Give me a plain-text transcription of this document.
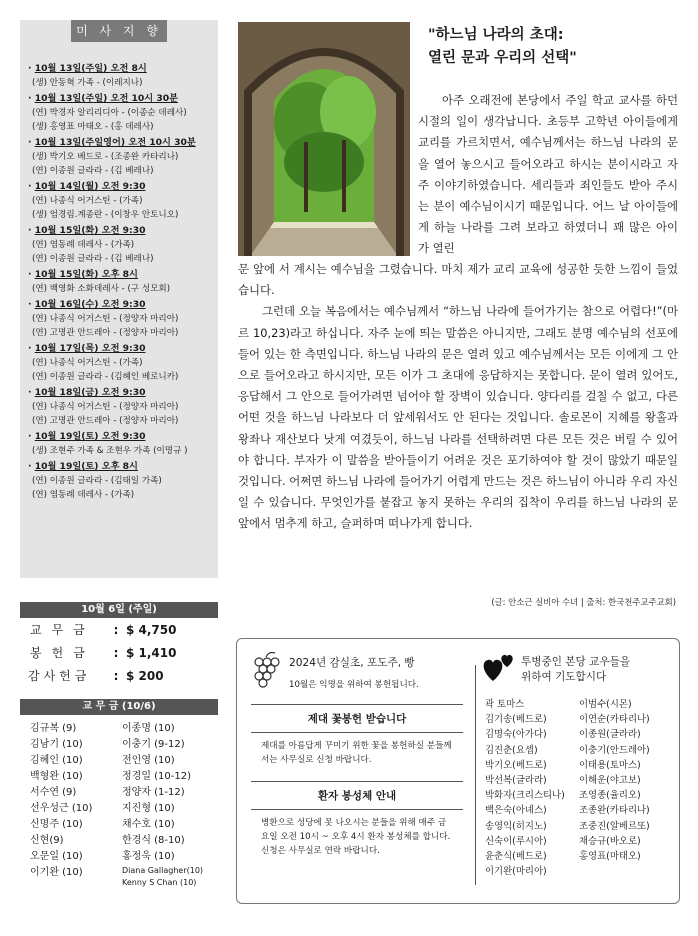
미 사 지 향
· 10월 13일(주일) 오전 8시
(생) 안동혁 가족 - (이레지나)
· 10월 13일(주일) 오전 10시 30분
(연) 박경자 알리리디아 - (이종순 데레사)
(생) 홍영표 마태오 - (홍 데레사)
· 10월 13일(주일영어) 오전 10시 30분
(생) 박기오 베드로 - (조종완 카타리나)
(연) 이종원 글라라 - (김 베레나)
· 10월 14일(월) 오전 9:30
(연) 나종식 어거스틴 - (가족)
(생) 엄경림.계종란 - (이창우 안토니오)
· 10월 15일(화) 오전 9:30
(연) 염동례 데레사 - (가족)
(연) 이종원 글라라 - (김 베레나)
· 10월 15일(화) 오후 8시
(연) 백영화 소화데레사 - (구 성모회)
· 10월 16일(수) 오전 9:30
(연) 나종식 어거스틴 - (정양자 마리아)
(연) 고명관 안드레아 - (정양자 마리아)
· 10월 17일(목) 오전 9:30
(연) 나종식 어거스틴 - (가족)
(연) 이종원 글라라 - (김혜인 베로니카)
· 10월 18일(금) 오전 9:30
(연) 나종식 어거스틴 - (정양자 마리아)
(연) 고명관 안드레아 - (정양자 마리아)
· 10월 19일(토) 오전 9:30
(생) 조현주 가족 & 조현우 가족 (이명규 )
· 10월 19일(토) 오후 8시
(연) 이종원 글라라 - (김태일 가족)
(연) 염동례 데레사 - (가족)
10월 6일 (주일)
교무금	: $ 4,750
봉헌금	: $ 1,410
감사헌금	: $ 200
교 무 금 (10/6)
김규복 (9)
김남기 (10)
김혜인 (10)
백형완 (10)
서수연 (9)
선우성근 (10)
신명주 (10)
신현(9)
오문일 (10)
이기완 (10)
이종명 (10)
이충기 (9-12)
전인영 (10)
정경일 (10-12)
정양자 (1-12)
지진형 (10)
채수호 (10)
한경식 (8-10)
홍정욱 (10)
Diana Gallagher(10)
Kenny S Chan (10)
"하느님 나라의 초대:
열린 문과 우리의 선택"

아주 오래전에 본당에서 주일 학교 교사를 하던 시절의 일이 생각납니다. 초등부 고학년 아이들에게 교리를 가르치면서, 예수님께서는 하느님 나라의 문을 열어 놓으시고 들어오라고 하시는 분이시라고 자주 이야기하였습니다. 세리들과 죄인들도 받아 주시는 분이 예수님이시기 때문입니다. 어느 날 아이들에게 하늘 나라를 그려 보라고 하였더니 꽤 많은 아이가 열린

문 앞에 서 계시는 예수님을 그렸습니다. 마치 제가 교리 교육에 성공한 듯한 느낌이 들었습니다.

그런데 오늘 복음에서는 예수님께서 “하느님 나라에 들어가기는 참으로 어렵다!”(마르 10,23)라고 하십니다. 자주 눈에 띄는 말씀은 아니지만, 그래도 분명 예수님의 선포에 들어 있는 한 측면입니다. 하느님 나라의 문은 열려 있고 예수님께서는 모든 이에게 그 안으로 들어오라고 하시지만, 모든 이가 그 초대에 응답하지는 못합니다. 문이 열려 있어도, 응답해서 그 안으로 들어가려면 넘어야 할 장벽이 있습니다. 양다리를 걸칠 수 없고, 다른 어떤 것을 하느님 나라보다 더 앞세워서도 안 된다는 것입니다. 솔로몬이 지혜를 왕홀과 왕좌나 재산보다 낫게 여겼듯이, 하느님 나라를 선택하려면 다른 모든 것은 버릴 수 있어야 합니다. 부자가 이 말씀을 받아들이기 어려운 것은 포기하여야 할 것이 많았기 때문일 것입니다. 어쩌면 하느님 나라에 들어가기 어렵게 만드는 것은 하느님이 아니라 우리 자신일 수 있습니다. 무엇인가를 붙잡고 놓지 못하는 우리의 집착이 우리를 하느님 나라의 문 앞에서 멈추게 하고, 슬퍼하며 떠나가게 합니다.

(글: 안소근 실비아 수녀 | 출처: 한국천주교주교회)
2024년 감실초, 포도주, 빵
10월은 익명을 위하여 봉헌됩니다.
제대 꽃봉헌 받습니다
제대를 아름답게 꾸미기 위한 꽃을 봉헌하실 분들께서는 사무실로 신청 바랍니다.
환자 봉성체 안내
병환으로 성당에 못 나오시는 분들을 위해 매주 금요일 오전 10시 ~ 오후 4시 환자 봉성체를 합니다. 신청은 사무실로 연락 바랍니다.
투병중인 본당 교우들을
위하여 기도합시다
곽 토마스
김기송(베드로)
김명숙(아가다)
김진춘(요셉)
박기오(베드로)
박선복(글라라)
박화자(크리스티나)
백은숙(아녜스)
송영익(히지노)
신숙이(루시아)
윤춘식(베드로)
이기완(마리아)
이범수(시몬)
이연순(카타리나)
이종원(글라라)
이충기(안드레아)
이태용(토마스)
이해운(야고보)
조영종(율리오)
조종완(카타리나)
조중진(알베르또)
채승규(바오로)
홍영표(마태오)
